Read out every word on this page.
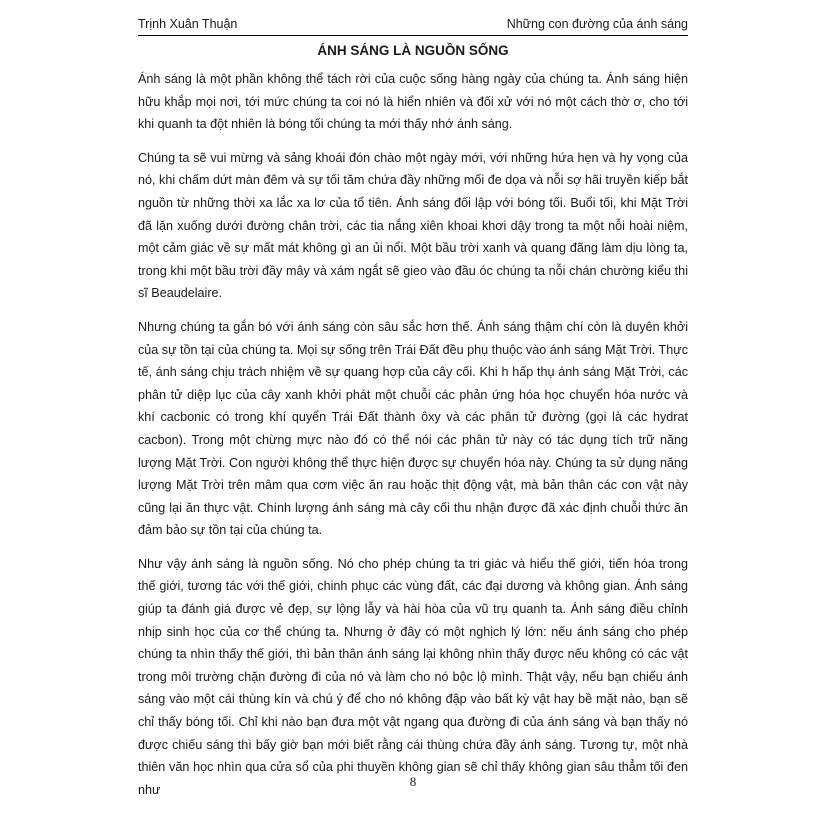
Trịnh Xuân Thuận	Những con đường của ánh sáng
ÁNH SÁNG LÀ NGUỒN SỐNG

Ánh sáng là một phần không thể tách rời của cuộc sống hàng ngày của chúng ta. Ánh sáng hiện hữu khắp mọi nơi, tới mức chúng ta coi nó là hiển nhiên và đối xử với nó một cách thờ ơ, cho tới khi quanh ta đột nhiên là bóng tối chúng ta mới thấy nhớ ánh sáng.

Chúng ta sẽ vui mừng và sảng khoái đón chào một ngày mới, với những hứa hẹn và hy vọng của nó, khi chấm dứt màn đêm và sự tối tăm chứa đầy những mối đe dọa và nỗi sợ hãi truyền kiếp bắt nguồn từ những thời xa lắc xa lơ của tổ tiên. Ánh sáng đối lập với bóng tối. Buổi tối, khi Mặt Trời đã lặn xuống dưới đường chân trời, các tia nắng xiên khoai khơi dậy trong ta một nỗi hoài niệm, một cảm giác về sự mất mát không gì an ủi nổi. Một bầu trời xanh và quang đãng làm dịu lòng ta, trong khi một bầu trời đầy mây và xám ngắt sẽ gieo vào đầu óc chúng ta nỗi chán chường kiểu thi sĩ Beaudelaire.

Nhưng chúng ta gắn bó với ánh sáng còn sâu sắc hơn thế. Ánh sáng thậm chí còn là duyên khởi của sự tồn tại của chúng ta. Mọi sự sống trên Trái Đất đều phụ thuộc vào ánh sáng Mặt Trời. Thực tế, ánh sáng chịu trách nhiệm về sự quang hợp của cây cối. Khi h hấp thụ ánh sáng Mặt Trời, các phân tử diệp lục của cây xanh khởi phát một chuỗi các phản ứng hóa học chuyển hóa nước và khí cacbonic có trong khí quyển Trái Đất thành ôxy và các phân tử đường (gọi là các hydrat cacbon). Trong một chừng mực nào đó có thể nói các phân tử này có tác dụng tích trữ năng lượng Mặt Trời. Con người không thể thực hiện được sự chuyển hóa này. Chúng ta sử dụng năng lượng Mặt Trời trên mâm qua cơm việc ăn rau hoặc thịt động vật, mà bản thân các con vật này cũng lại ăn thực vật. Chính lượng ánh sáng mà cây cối thu nhận được đã xác định chuỗi thức ăn đảm bảo sự tồn tại của chúng ta.

Như vậy ánh sáng là nguồn sống. Nó cho phép chúng ta tri giác và hiểu thế giới, tiến hóa trong thế giới, tương tác với thế giới, chinh phục các vùng đất, các đại dương và không gian. Ánh sáng giúp ta đánh giá được vẻ đẹp, sự lộng lẫy và hài hòa của vũ trụ quanh ta. Ánh sáng điều chỉnh nhịp sinh học của cơ thể chúng ta. Nhưng ở đây có một nghịch lý lớn: nếu ánh sáng cho phép chúng ta nhìn thấy thế giới, thì bản thân ánh sáng lại không nhìn thấy được nếu không có các vật trong môi trường chặn đường đi của nó và làm cho nó bộc lộ mình. Thật vậy, nếu bạn chiếu ánh sáng vào một cái thùng kín và chú ý để cho nó không đập vào bất kỳ vật hay bề mặt nào, bạn sẽ chỉ thấy bóng tối. Chỉ khi nào bạn đưa một vật ngang qua đường đi của ánh sáng và bạn thấy nó được chiếu sáng thì bấy giờ bạn mới biết rằng cái thùng chứa đầy ánh sáng. Tương tự, một nhà thiên văn học nhìn qua cửa sổ của phi thuyền không gian sẽ chỉ thấy không gian sâu thẳm tối đen như

8
